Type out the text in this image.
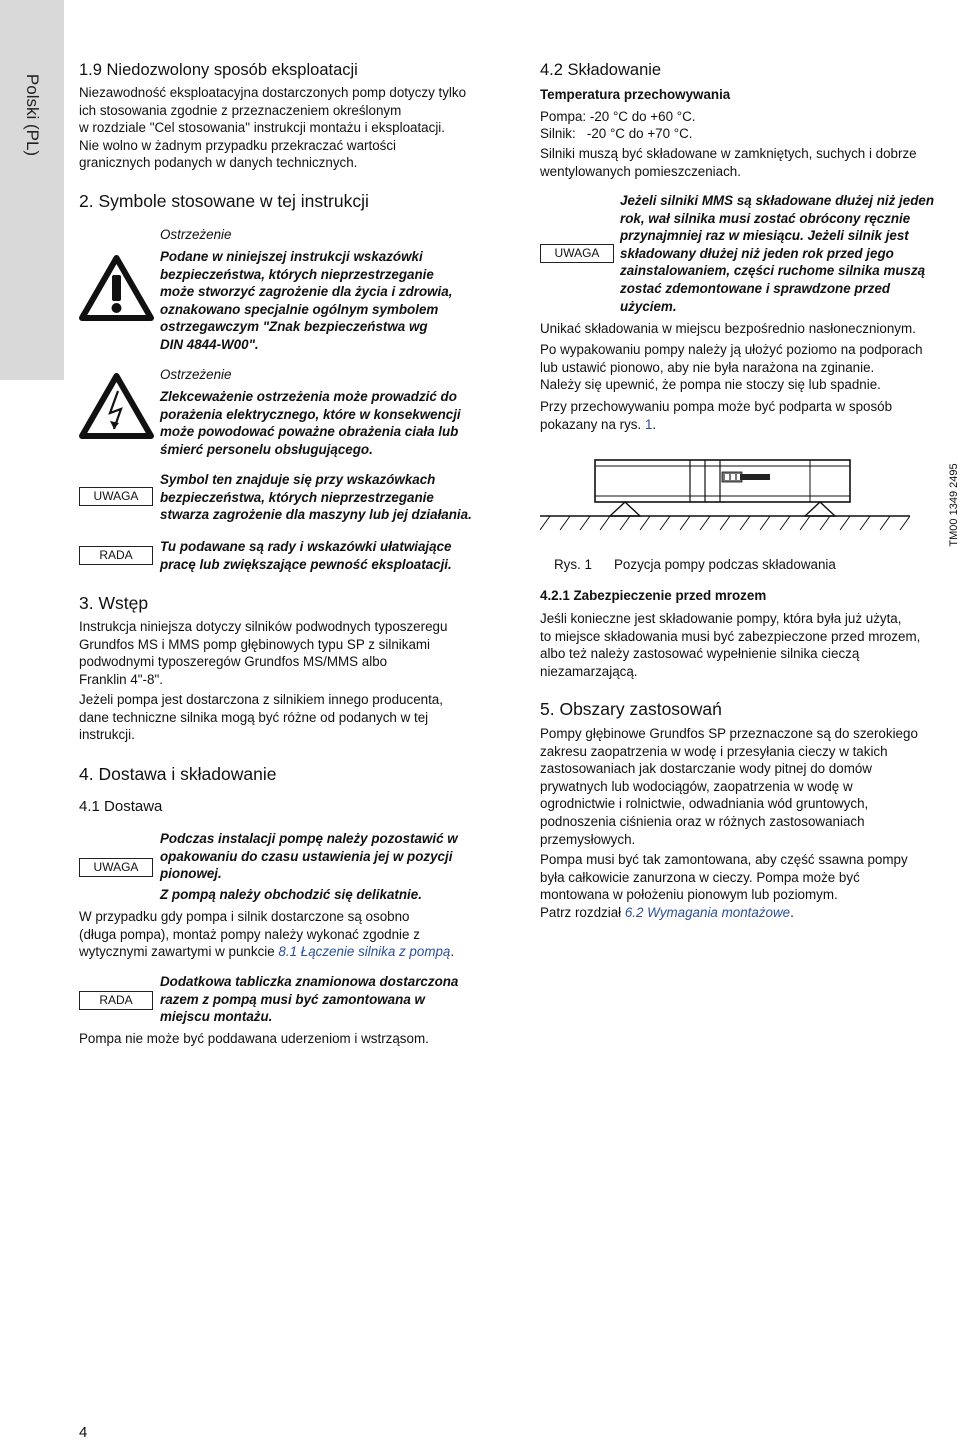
Polski (PL)
1.9 Niedozwolony sposób eksploatacji
Niezawodność eksploatacyjna dostarczonych pomp dotyczy tylko
ich stosowania zgodnie z przeznaczeniem określonym
w rozdziale "Cel stosowania" instrukcji montażu i eksploatacji.
Nie wolno w żadnym przypadku przekraczać wartości
granicznych podanych w danych technicznych.
2. Symbole stosowane w tej instrukcji
Ostrzeżenie
Podane w niniejszej instrukcji wskazówki
bezpieczeństwa, których nieprzestrzeganie
może stworzyć zagrożenie dla życia i zdrowia,
oznakowano specjalnie ogólnym symbolem
ostrzegawczym "Znak bezpieczeństwa wg
DIN 4844-W00".
Ostrzeżenie
Zlekceważenie ostrzeżenia może prowadzić do
porażenia elektrycznego, które w konsekwencji
może powodować poważne obrażenia ciała lub
śmierć personelu obsługującego.
UWAGA
Symbol ten znajduje się przy wskazówkach
bezpieczeństwa, których nieprzestrzeganie
stwarza zagrożenie dla maszyny lub jej działania.
RADA
Tu podawane są rady i wskazówki ułatwiające
pracę lub zwiększające pewność eksploatacji.
3. Wstęp
Instrukcja niniejsza dotyczy silników podwodnych typoszeregu
Grundfos MS i MMS pomp głębinowych typu SP z silnikami
podwodnymi typoszeregów Grundfos MS/MMS albo
Franklin 4"-8".
Jeżeli pompa jest dostarczona z silnikiem innego producenta,
dane techniczne silnika mogą być różne od podanych w tej
instrukcji.
4. Dostawa i składowanie
4.1 Dostawa
UWAGA
Podczas instalacji pompę należy pozostawić w
opakowaniu do czasu ustawienia jej w pozycji
pionowej.
Z pompą należy obchodzić się delikatnie.
W przypadku gdy pompa i silnik dostarczone są osobno
(długa pompa), montaż pompy należy wykonać zgodnie z
wytycznymi zawartymi w punkcie 8.1 Łączenie silnika z pompą.
RADA
Dodatkowa tabliczka znamionowa dostarczona
razem z pompą musi być zamontowana w
miejscu montażu.
Pompa nie może być poddawana uderzeniom i wstrząsom.
4.2 Składowanie
Temperatura przechowywania
Pompa: -20 °C do +60 °C.
Silnik:   -20 °C do +70 °C.
Silniki muszą być składowane w zamkniętych, suchych i dobrze
wentylowanych pomieszczeniach.
UWAGA
Jeżeli silniki MMS są składowane dłużej niż jeden
rok, wał silnika musi zostać obrócony ręcznie
przynajmniej raz w miesiącu. Jeżeli silnik jest
składowany dłużej niż jeden rok przed jego
zainstalowaniem, części ruchome silnika muszą
zostać zdemontowane i sprawdzone przed
użyciem.
Unikać składowania w miejscu bezpośrednio nasłonecznionym.
Po wypakowaniu pompy należy ją ułożyć poziomo na podporach
lub ustawić pionowo, aby nie była narażona na zginanie.
Należy się upewnić, że pompa nie stoczy się lub spadnie.
Przy przechowywaniu pompa może być podparta w sposób
pokazany na rys. 1.
TM00 1349 2495
Rys. 1 Pozycja pompy podczas składowania
4.2.1 Zabezpieczenie przed mrozem
Jeśli konieczne jest składowanie pompy, która była już użyta,
to miejsce składowania musi być zabezpieczone przed mrozem,
albo też należy zastosować wypełnienie silnika cieczą
niezamarzającą.
5. Obszary zastosowań
Pompy głębinowe Grundfos SP przeznaczone są do szerokiego
zakresu zaopatrzenia w wodę i przesyłania cieczy w takich
zastosowaniach jak dostarczanie wody pitnej do domów
prywatnych lub wodociągów, zaopatrzenia w wodę w
ogrodnictwie i rolnictwie, odwadniania wód gruntowych,
podnoszenia ciśnienia oraz w różnych zastosowaniach
przemysłowych.
Pompa musi być tak zamontowana, aby część ssawna pompy
była całkowicie zanurzona w cieczy. Pompa może być
montowana w położeniu pionowym lub poziomym.
Patrz rozdział 6.2 Wymagania montażowe.
4
